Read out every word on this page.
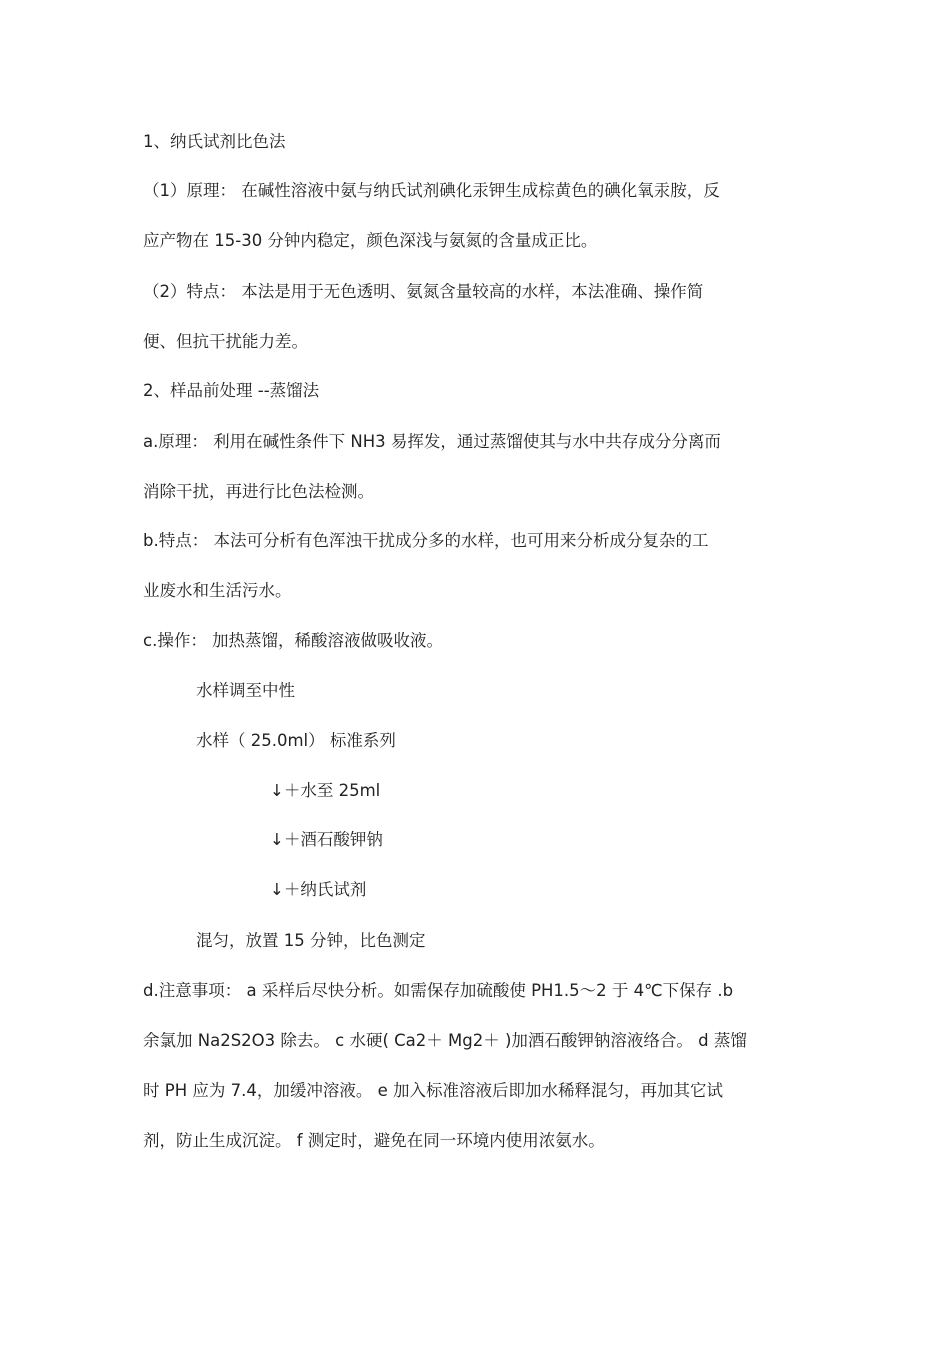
1、纳氏试剂比色法
（1）原理： 在碱性溶液中氨与纳氏试剂碘化汞钾生成棕黄色的碘化氧汞胺，反
应产物在 15-30 分钟内稳定，颜色深浅与氨氮的含量成正比。
（2）特点： 本法是用于无色透明、氨氮含量较高的水样，本法准确、操作简
便、但抗干扰能力差。
2、样品前处理 --蒸馏法
a.原理： 利用在碱性条件下 NH3 易挥发，通过蒸馏使其与水中共存成分分离而
消除干扰，再进行比色法检测。
b.特点： 本法可分析有色浑浊干扰成分多的水样，也可用来分析成分复杂的工
业废水和生活污水。
c.操作： 加热蒸馏，稀酸溶液做吸收液。
水样调至中性
水样（ 25.0ml） 标准系列
↓＋水至 25ml
↓＋酒石酸钾钠
↓＋纳氏试剂
混匀，放置 15 分钟，比色测定
d.注意事项： a 采样后尽快分析。如需保存加硫酸使 PH1.5～2 于 4℃下保存 .b
余氯加 Na2S2O3 除去。 c 水硬( Ca2＋ Mg2＋ )加酒石酸钾钠溶液络合。 d 蒸馏
时 PH 应为 7.4，加缓冲溶液。 e 加入标准溶液后即加水稀释混匀，再加其它试
剂，防止生成沉淀。 f 测定时，避免在同一环境内使用浓氨水。
